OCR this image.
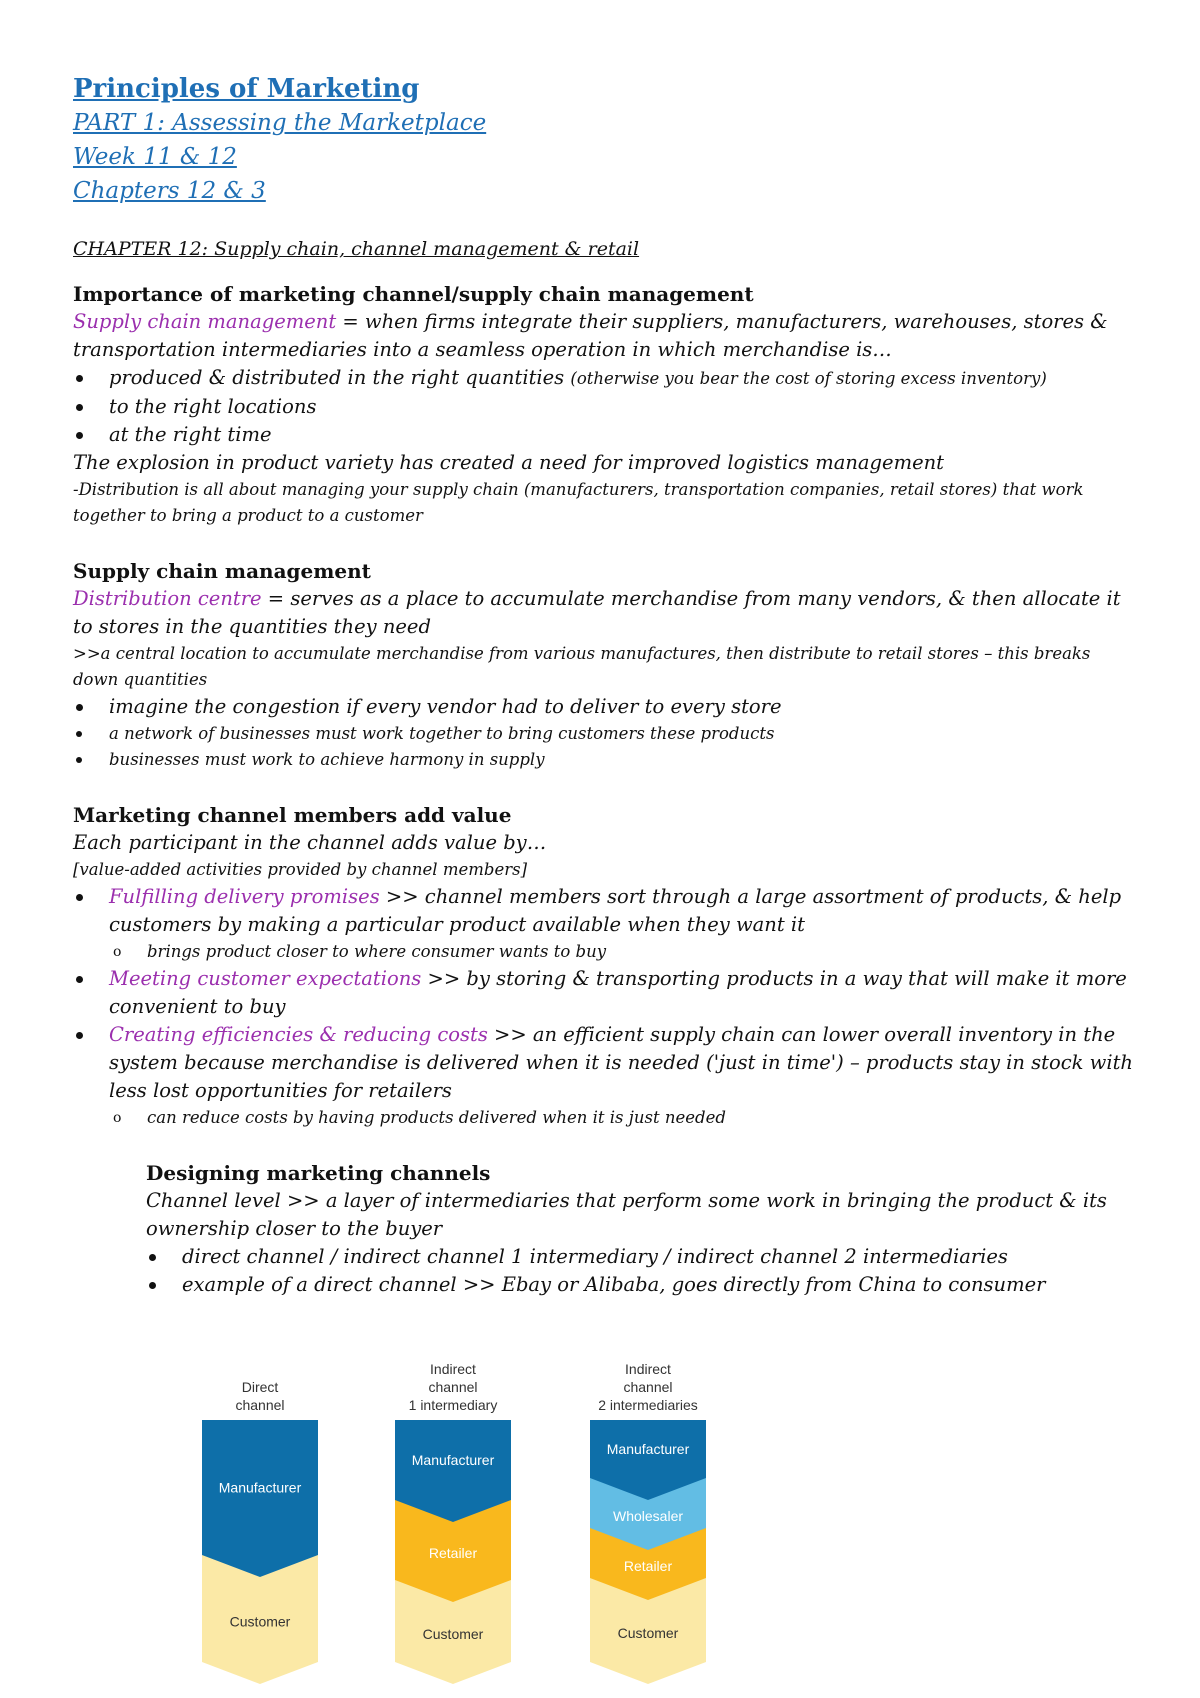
Principles of Marketing
PART 1: Assessing the Marketplace
Week 11 & 12
Chapters 12 & 3
CHAPTER 12: Supply chain, channel management & retail
Importance of marketing channel/supply chain management

Supply chain management = when firms integrate their suppliers, manufacturers, warehouses, stores & transportation intermediaries into a seamless operation in which merchandise is…

produced & distributed in the right quantities (otherwise you bear the cost of storing excess inventory)
to the right locations
at the right time

The explosion in product variety has created a need for improved logistics management

-Distribution is all about managing your supply chain (manufacturers, transportation companies, retail stores) that work together to bring a product to a customer

Supply chain management

Distribution centre = serves as a place to accumulate merchandise from many vendors, & then allocate it to stores in the quantities they need

>>a central location to accumulate merchandise from various manufactures, then distribute to retail stores – this breaks down quantities

imagine the congestion if every vendor had to deliver to every store
a network of businesses must work together to bring customers these products
businesses must work to achieve harmony in supply
Marketing channel members add value

Each participant in the channel adds value by…

[value-added activities provided by channel members]

Fulfilling delivery promises >> channel members sort through a large assortment of products, & help customers by making a particular product available when they want it
o brings product closer to where consumer wants to buy
Meeting customer expectations >> by storing & transporting products in a way that will make it more convenient to buy
Creating efficiencies & reducing costs >> an efficient supply chain can lower overall inventory in the system because merchandise is delivered when it is needed ('just in time') – products stay in stock with less lost opportunities for retailers
o can reduce costs by having products delivered when it is just needed
Designing marketing channels

Channel level >> a layer of intermediaries that perform some work in bringing the product & its ownership closer to the buyer

direct channel / indirect channel 1 intermediary / indirect channel 2 intermediaries
example of a direct channel >> Ebay or Alibaba, goes directly from China to consumer
Direct
channel
Manufacturer
Customer
Indirect
channel
1 intermediary
Manufacturer
Retailer
Customer
Indirect
channel
2 intermediaries
Manufacturer
Wholesaler
Retailer
Customer
